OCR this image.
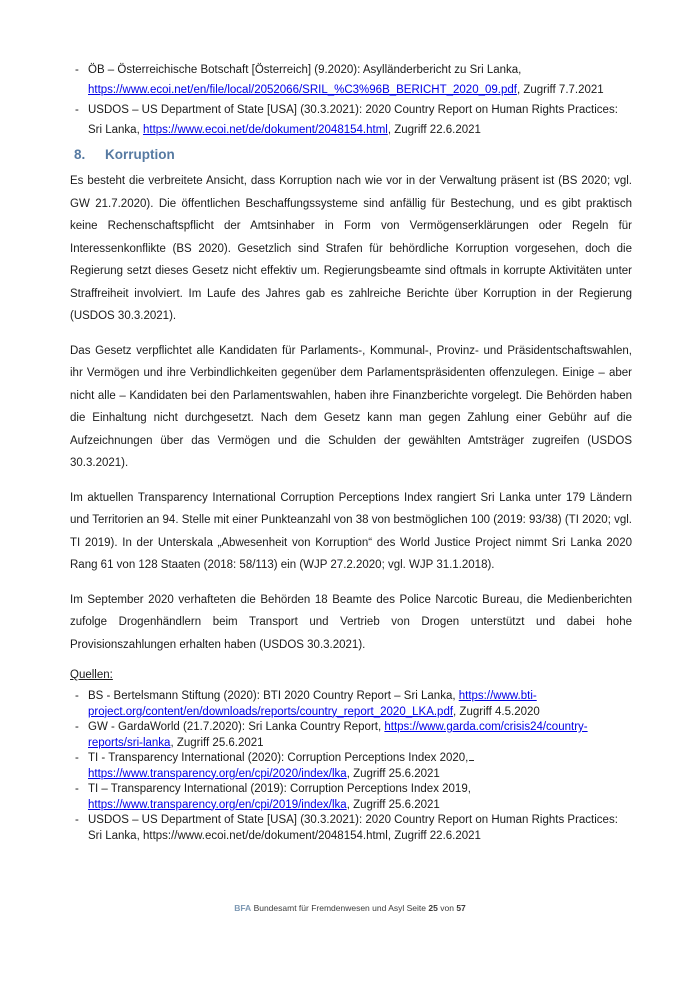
- ÖB – Österreichische Botschaft [Österreich] (9.2020): Asylländerbericht zu Sri Lanka, https://www.ecoi.net/en/file/local/2052066/SRIL_%C3%96B_BERICHT_2020_09.pdf, Zugriff 7.7.2021
- USDOS – US Department of State [USA] (30.3.2021): 2020 Country Report on Human Rights Practices: Sri Lanka, https://www.ecoi.net/de/dokument/2048154.html, Zugriff 22.6.2021
8.	Korruption

Es besteht die verbreitete Ansicht, dass Korruption nach wie vor in der Verwaltung präsent ist (BS 2020; vgl. GW 21.7.2020). Die öffentlichen Beschaffungssysteme sind anfällig für Bestechung, und es gibt praktisch keine Rechenschaftspflicht der Amtsinhaber in Form von Vermögenserklärungen oder Regeln für Interessenkonflikte (BS 2020). Gesetzlich sind Strafen für behördliche Korruption vorgesehen, doch die Regierung setzt dieses Gesetz nicht effektiv um. Regierungsbeamte sind oftmals in korrupte Aktivitäten unter Straffreiheit involviert. Im Laufe des Jahres gab es zahlreiche Berichte über Korruption in der Regierung (USDOS 30.3.2021).

Das Gesetz verpflichtet alle Kandidaten für Parlaments-, Kommunal-, Provinz- und Präsidentschaftswahlen, ihr Vermögen und ihre Verbindlichkeiten gegenüber dem Parlamentspräsidenten offenzulegen. Einige – aber nicht alle – Kandidaten bei den Parlamentswahlen, haben ihre Finanzberichte vorgelegt. Die Behörden haben die Einhaltung nicht durchgesetzt. Nach dem Gesetz kann man gegen Zahlung einer Gebühr auf die Aufzeichnungen über das Vermögen und die Schulden der gewählten Amtsträger zugreifen (USDOS 30.3.2021).

Im aktuellen Transparency International Corruption Perceptions Index rangiert Sri Lanka unter 179 Ländern und Territorien an 94. Stelle mit einer Punkteanzahl von 38 von bestmöglichen 100 (2019: 93/38) (TI 2020; vgl. TI 2019). In der Unterskala „Abwesenheit von Korruption“ des World Justice Project nimmt Sri Lanka 2020 Rang 61 von 128 Staaten (2018: 58/113) ein (WJP 27.2.2020; vgl. WJP 31.1.2018).

Im September 2020 verhafteten die Behörden 18 Beamte des Police Narcotic Bureau, die Medienberichten zufolge Drogenhändlern beim Transport und Vertrieb von Drogen unterstützt und dabei hohe Provisionszahlungen erhalten haben (USDOS 30.3.2021).

Quellen:
- BS - Bertelsmann Stiftung (2020): BTI 2020 Country Report – Sri Lanka, https://www.bti-project.org/content/en/downloads/reports/country_report_2020_LKA.pdf, Zugriff 4.5.2020
- GW - GardaWorld (21.7.2020): Sri Lanka Country Report, https://www.garda.com/crisis24/country-reports/sri-lanka, Zugriff 25.6.2021
- TI - Transparency International (2020): Corruption Perceptions Index 2020, https://www.transparency.org/en/cpi/2020/index/lka, Zugriff 25.6.2021
- TI – Transparency International (2019): Corruption Perceptions Index 2019, https://www.transparency.org/en/cpi/2019/index/lka, Zugriff 25.6.2021
- USDOS – US Department of State [USA] (30.3.2021): 2020 Country Report on Human Rights Practices: Sri Lanka, https://www.ecoi.net/de/dokument/2048154.html, Zugriff 22.6.2021
BFA Bundesamt für Fremdenwesen und Asyl Seite 25 von 57
